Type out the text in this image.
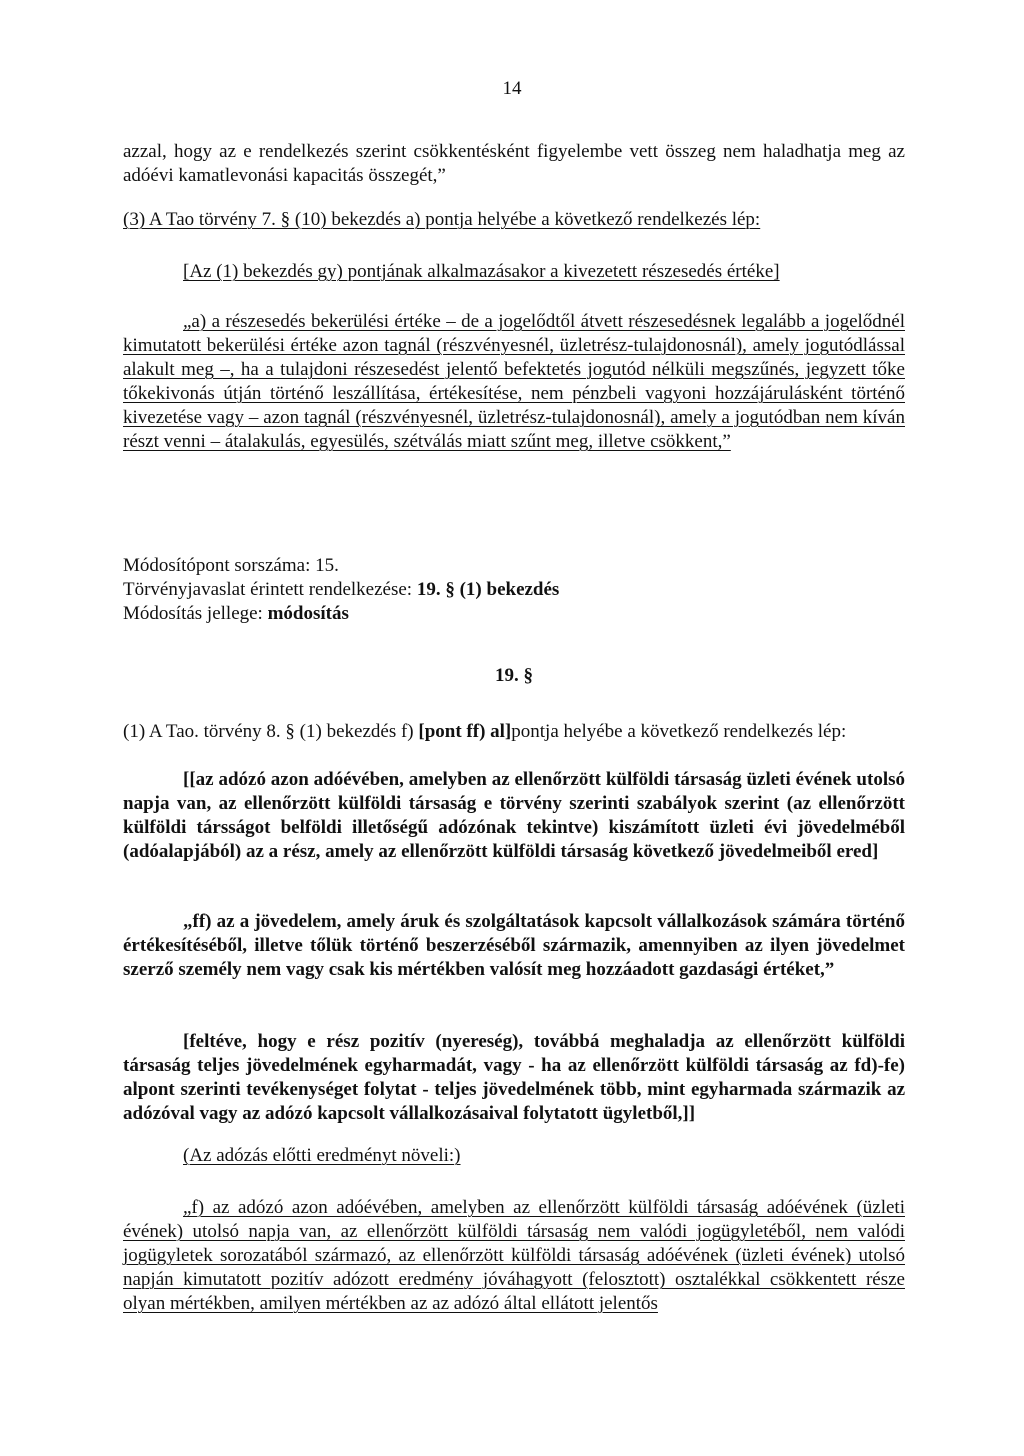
14

azzal, hogy az e rendelkezés szerint csökkentésként figyelembe vett összeg nem haladhatja meg az adóévi kamatlevonási kapacitás összegét,”

(3) A Tao törvény 7. § (10) bekezdés a) pontja helyébe a következő rendelkezés lép:

[Az (1) bekezdés gy) pontjának alkalmazásakor a kivezetett részesedés értéke]

„a) a részesedés bekerülési értéke – de a jogelődtől átvett részesedésnek legalább a jogelődnél kimutatott bekerülési értéke azon tagnál (részvényesnél, üzletrész-tulajdonosnál), amely jogutódlással alakult meg –, ha a tulajdoni részesedést jelentő befektetés jogutód nélküli megszűnés, jegyzett tőke tőkekivonás útján történő leszállítása, értékesítése, nem pénzbeli vagyoni hozzájárulásként történő kivezetése vagy – azon tagnál (részvényesnél, üzletrész-tulajdonosnál), amely a jogutódban nem kíván részt venni – átalakulás, egyesülés, szétválás miatt szűnt meg, illetve csökkent,”

Módosítópont sorszáma: 15.
Törvényjavaslat érintett rendelkezése: 19. § (1) bekezdés
Módosítás jellege: módosítás

19. §

(1) A Tao. törvény 8. § (1) bekezdés f) [pont ff) al]pontja helyébe a következő rendelkezés lép:

[[az adózó azon adóévében, amelyben az ellenőrzött külföldi társaság üzleti évének utolsó napja van, az ellenőrzött külföldi társaság e törvény szerinti szabályok szerint (az ellenőrzött külföldi társságot belföldi illetőségű adózónak tekintve) kiszámított üzleti évi jövedelméből (adóalapjából) az a rész, amely az ellenőrzött külföldi társaság következő jövedelmeiből ered]

„ff) az a jövedelem, amely áruk és szolgáltatások kapcsolt vállalkozások számára történő értékesítéséből, illetve tőlük történő beszerzéséből származik, amennyiben az ilyen jövedelmet szerző személy nem vagy csak kis mértékben valósít meg hozzáadott gazdasági értéket,”

[feltéve, hogy e rész pozitív (nyereség), továbbá meghaladja az ellenőrzött külföldi társaság teljes jövedelmének egyharmadát, vagy - ha az ellenőrzött külföldi társaság az fd)-fe) alpont szerinti tevékenységet folytat - teljes jövedelmének több, mint egyharmada származik az adózóval vagy az adózó kapcsolt vállalkozásaival folytatott ügyletből,]]

(Az adózás előtti eredményt növeli:)

„f) az adózó azon adóévében, amelyben az ellenőrzött külföldi társaság adóévének (üzleti évének) utolsó napja van, az ellenőrzött külföldi társaság nem valódi jogügyletéből, nem valódi jogügyletek sorozatából származó, az ellenőrzött külföldi társaság adóévének (üzleti évének) utolsó napján kimutatott pozitív adózott eredmény jóváhagyott (felosztott) osztalékkal csökkentett része olyan mértékben, amilyen mértékben az az adózó által ellátott jelentős
